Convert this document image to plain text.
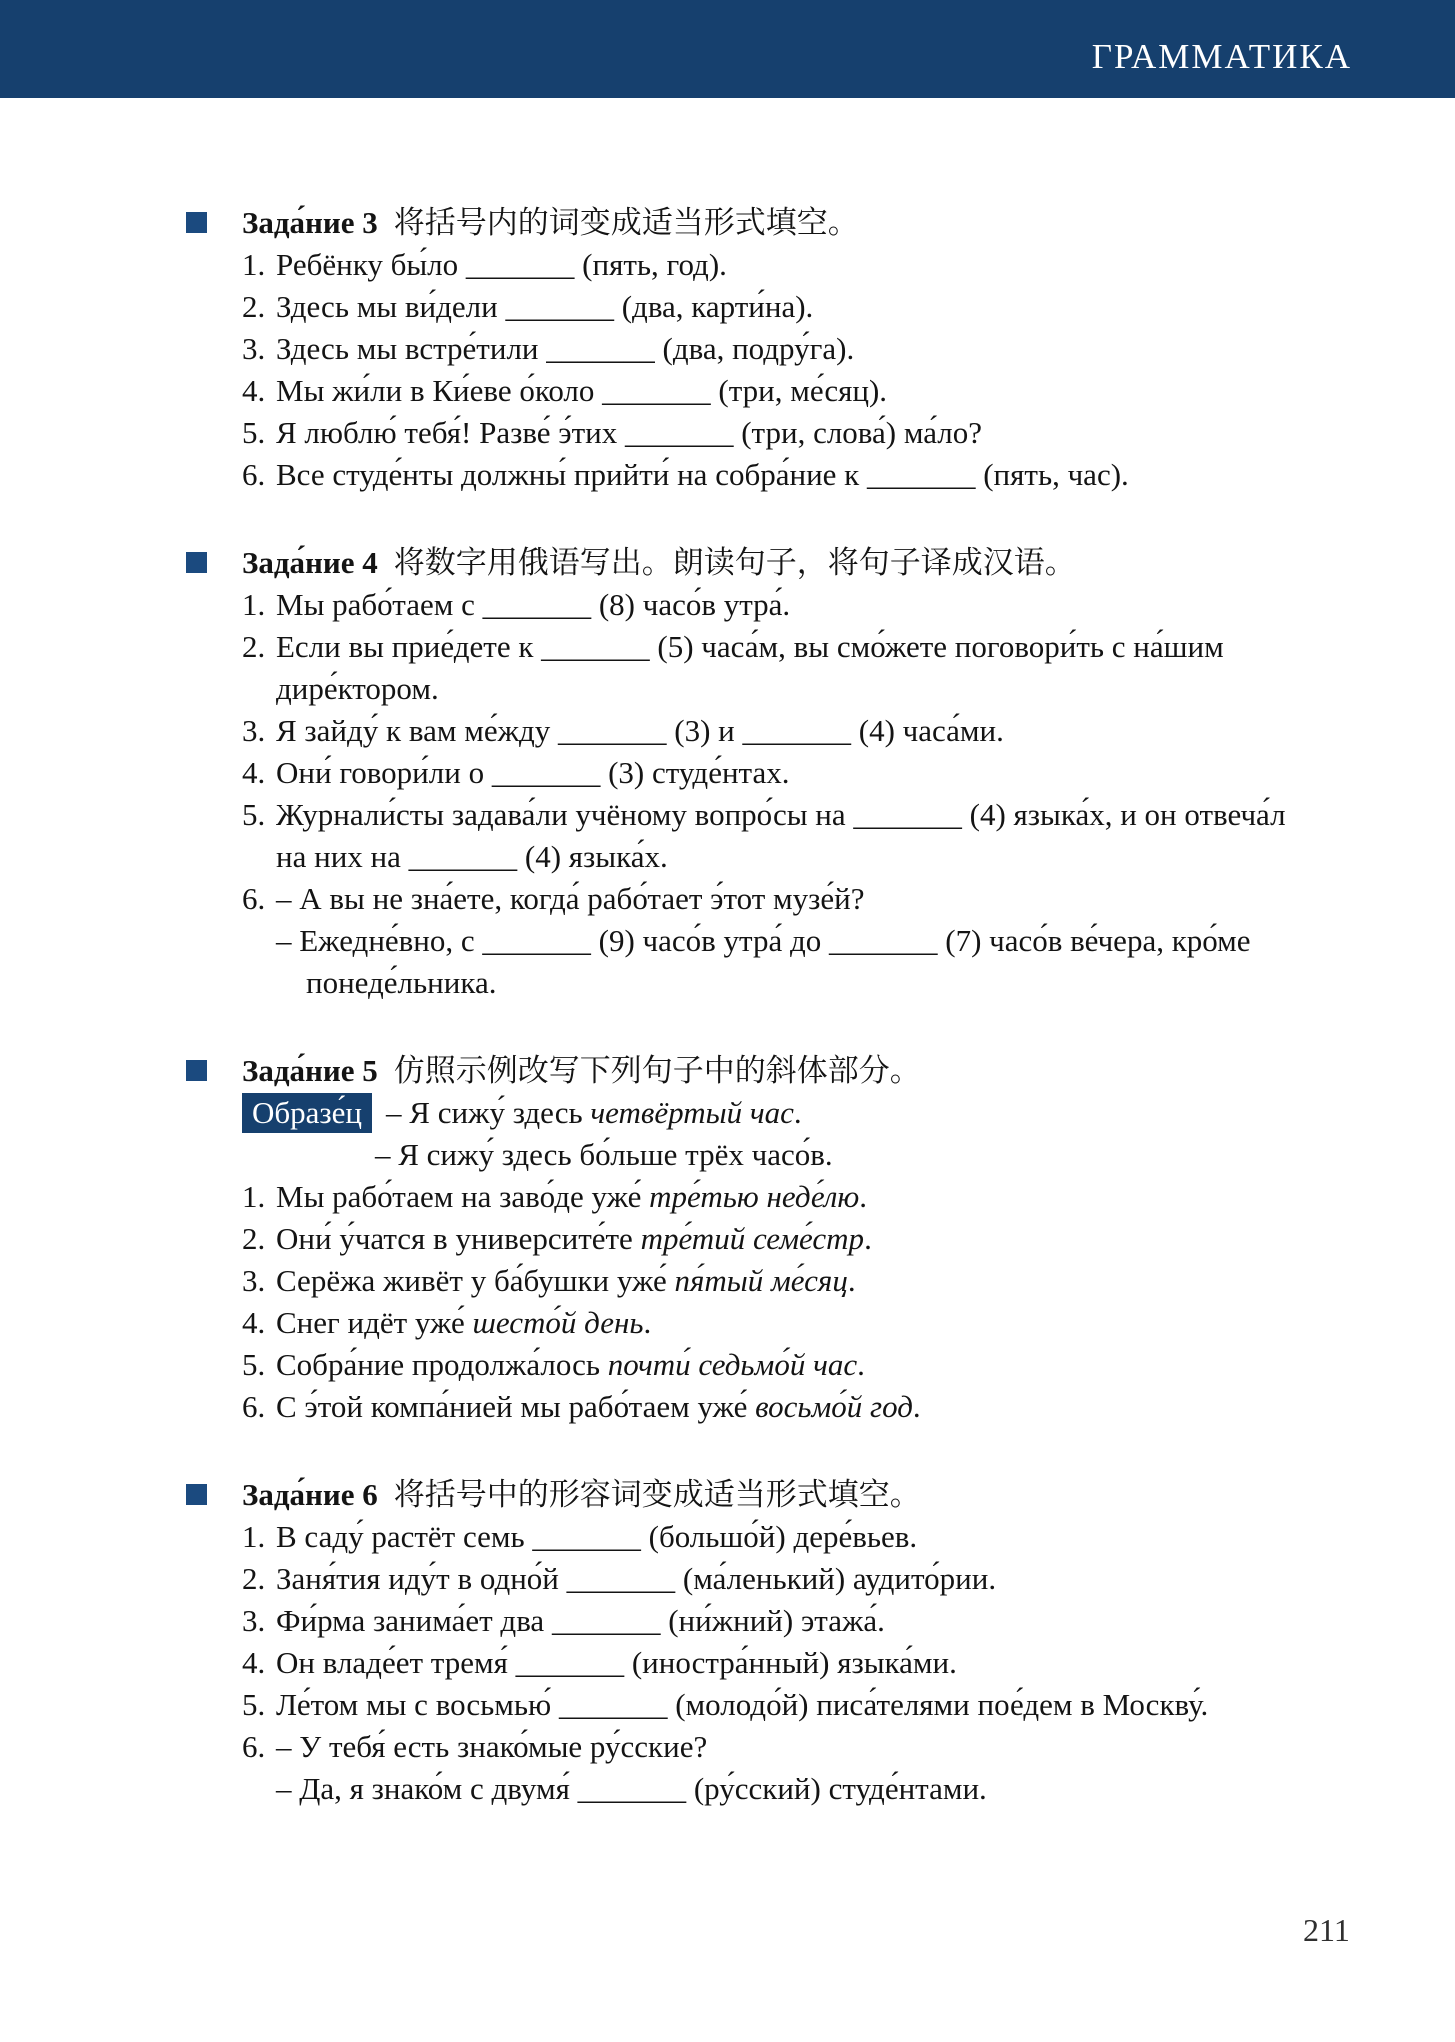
ГРАММАТИКА
Зада́ние 3 将括号内的词变成适当形式填空。
1. Ребёнку бы́ло _______ (пять, год).
2. Здесь мы ви́дели _______ (два, карти́на).
3. Здесь мы встре́тили _______ (два, подру́га).
4. Мы жи́ли в Ки́еве о́коло _______ (три, ме́сяц).
5. Я люблю́ тебя́! Разве́ э́тих _______ (три, слова́) ма́ло?
6. Все студе́нты должны́ прийти́ на собра́ние к _______ (пять, час).
Зада́ние 4 将数字用俄语写出。朗读句子，将句子译成汉语。
1. Мы рабо́таем с _______ (8) часо́в утра́.
2. Если вы прие́дете к _______ (5) часа́м, вы смо́жете поговори́ть с на́шим дире́ктором.
3. Я зайду́ к вам ме́жду _______ (3) и _______ (4) часа́ми.
4. Они́ говори́ли о _______ (3) студе́нтах.
5. Журнали́сты задава́ли учёному вопро́сы на _______ (4) языка́х, и он отвеча́л на них на _______ (4) языка́х.
6. – А вы не зна́ете, когда́ рабо́тает э́тот музе́й?
– Ежедне́вно, с _______ (9) часо́в утра́ до _______ (7) часо́в ве́чера, кро́ме понеде́льника.
Зада́ние 5 仿照示例改写下列句子中的斜体部分。
Образе́ц – Я сижу́ здесь четвёртый час.
– Я сижу́ здесь бо́льше трёх часо́в.
1. Мы рабо́таем на заво́де уже́ тре́тью неде́лю.
2. Они́ у́чатся в университе́те тре́тий семе́стр.
3. Серёжа живёт у ба́бушки уже́ пя́тый ме́сяц.
4. Снег идёт уже́ шесто́й день.
5. Собра́ние продолжа́лось почти́ седьмо́й час.
6. С э́той компа́нией мы рабо́таем уже́ восьмо́й год.
Зада́ние 6 将括号中的形容词变成适当形式填空。
1. В саду́ растёт семь _______ (большо́й) дере́вьев.
2. Заня́тия иду́т в одно́й _______ (ма́ленький) аудито́рии.
3. Фи́рма занима́ет два _______ (ни́жний) этажа́.
4. Он владе́ет тремя́ _______ (иностра́нный) языка́ми.
5. Ле́том мы с восьмью́ _______ (молодо́й) писа́телями пое́дем в Москву́.
6. – У тебя́ есть знако́мые ру́сские?
– Да, я знако́м с двумя́ _______ (ру́сский) студе́нтами.
211
